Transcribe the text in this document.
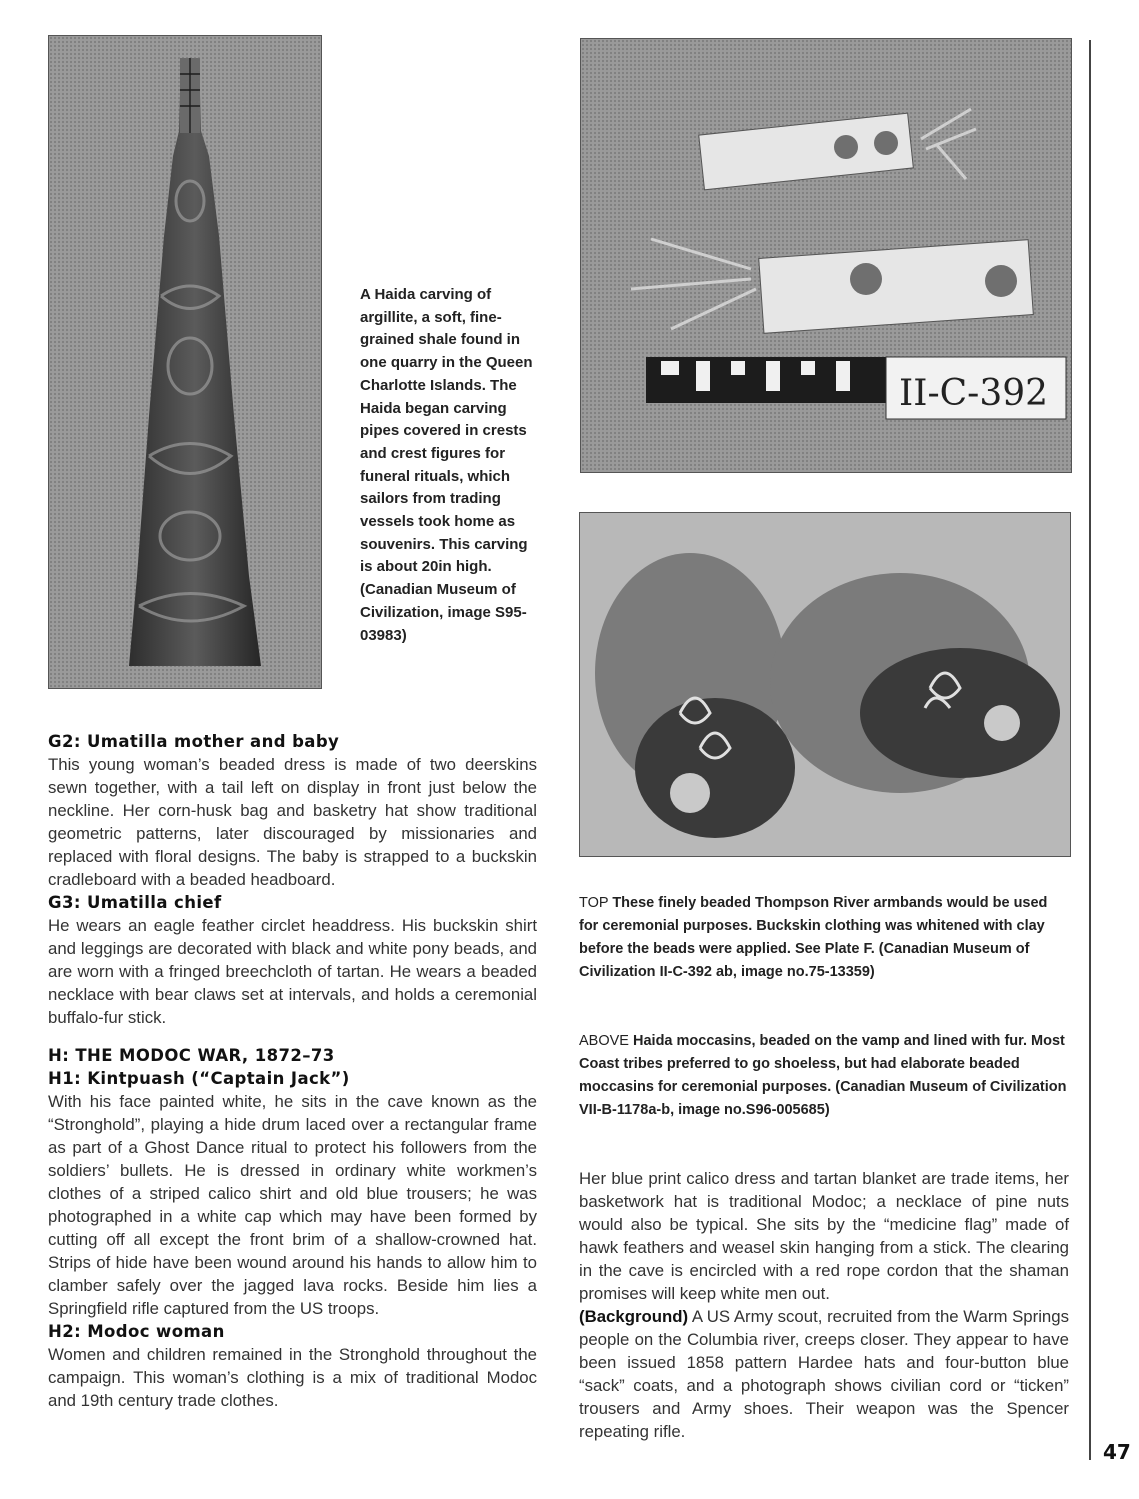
A Haida carving of argillite, a soft, fine-grained shale found in one quarry in the Queen Charlotte Islands. The Haida began carving pipes covered in crests and crest figures for funeral rituals, which sailors from trading vessels took home as souvenirs. This carving is about 20in high. (Canadian Museum of Civilization, image S95-03983)
II-C-392
TOP These finely beaded Thompson River armbands would be used for ceremonial purposes. Buckskin clothing was whitened with clay before the beads were applied. See Plate F. (Canadian Museum of Civilization II-C-392 ab, image no.75-13359)
ABOVE Haida moccasins, beaded on the vamp and lined with fur. Most Coast tribes preferred to go shoeless, but had elaborate beaded moccasins for ceremonial purposes. (Canadian Museum of Civilization VII-B-1178a-b, image no.S96-005685)
G2: Umatilla mother and baby

This young woman’s beaded dress is made of two deerskins sewn together, with a tail left on display in front just below the neckline. Her corn-husk bag and basketry hat show traditional geometric patterns, later discouraged by missionaries and replaced with floral designs. The baby is strapped to a buckskin cradleboard with a beaded headboard.

G3: Umatilla chief

He wears an eagle feather circlet headdress. His buckskin shirt and leggings are decorated with black and white pony beads, and are worn with a fringed breechcloth of tartan. He wears a beaded necklace with bear claws set at intervals, and holds a ceremonial buffalo-fur stick.

H: THE MODOC WAR, 1872–73
H1: Kintpuash (“Captain Jack”)

With his face painted white, he sits in the cave known as the “Stronghold”, playing a hide drum laced over a rectangular frame as part of a Ghost Dance ritual to protect his followers from the soldiers’ bullets. He is dressed in ordinary white workmen’s clothes of a striped calico shirt and old blue trousers; he was photographed in a white cap which may have been formed by cutting off all except the front brim of a shallow-crowned hat. Strips of hide have been wound around his hands to allow him to clamber safely over the jagged lava rocks. Beside him lies a Springfield rifle captured from the US troops.

H2: Modoc woman

Women and children remained in the Stronghold throughout the campaign. This woman’s clothing is a mix of traditional Modoc and 19th century trade clothes.

Her blue print calico dress and tartan blanket are trade items, her basketwork hat is traditional Modoc; a necklace of pine nuts would also be typical. She sits by the “medicine flag” made of hawk feathers and weasel skin hanging from a stick. The clearing in the cave is encircled with a red rope cordon that the shaman promises will keep white men out.

(Background) A US Army scout, recruited from the Warm Springs people on the Columbia river, creeps closer. They appear to have been issued 1858 pattern Hardee hats and four-button blue “sack” coats, and a photograph shows civilian cord or “ticken” trousers and Army shoes. Their weapon was the Spencer repeating rifle.

47
